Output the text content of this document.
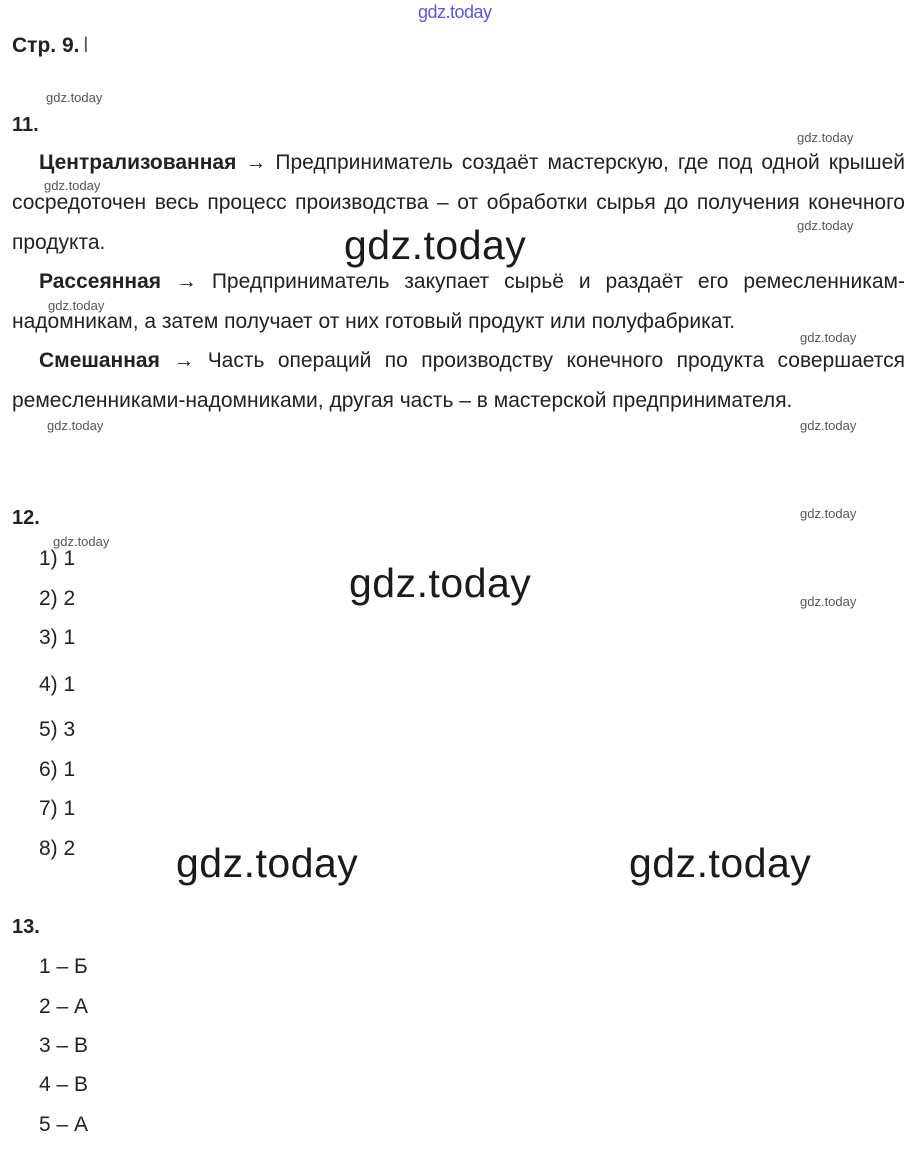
gdz.today
Стр. 9. l
gdz.today
gdz.today
gdz.today
gdz.today
gdz.today
gdz.today
gdz.today	gdz.today
gdz.today
gdz.today
gdz.today
11.
Централизованная → Предприниматель создаёт мастерскую, где под одной крышей сосредоточен весь процесс производства – от обработки сырья до получения конечного продукта.
Рассеянная → Предприниматель закупает сырьё и раздаёт его ремесленникам-надомникам, а затем получает от них готовый продукт или полуфабрикат.
Смешанная → Часть операций по производству конечного продукта совершается ремесленниками-надомниками, другая часть – в мастерской предпринимателя.
gdz.today
12.
1) 1
2) 2
3) 1
4) 1
5) 3
6) 1
7) 1
8) 2
gdz.today
gdz.today	gdz.today
13.
1 – Б
2 – А
3 – В
4 – В
5 – А
